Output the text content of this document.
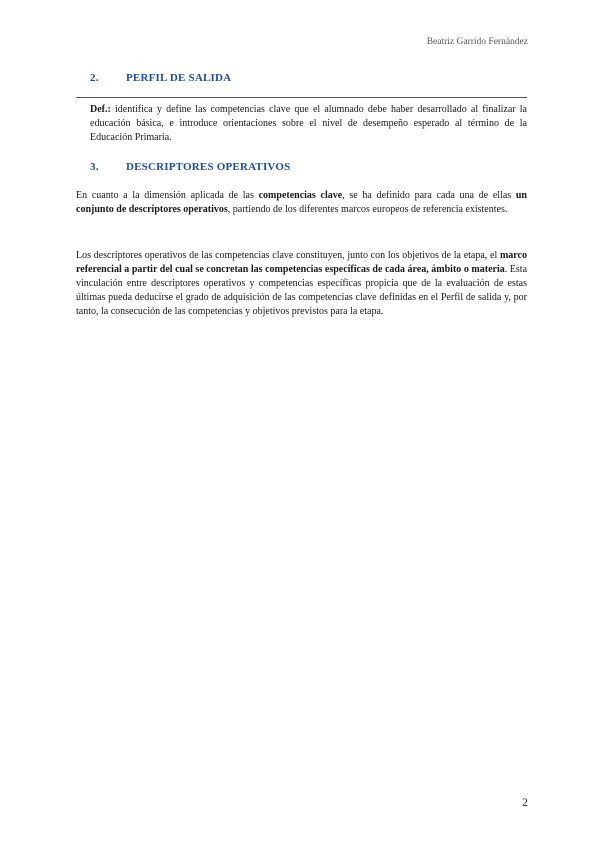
Beatriz Garrido Fernández
2.	PERFIL DE SALIDA

Def.: identifica y define las competencias clave que el alumnado debe haber desarrollado al finalizar la educación básica, e introduce orientaciones sobre el nivel de desempeño esperado al término de la Educación Primaria.

3.	DESCRIPTORES OPERATIVOS

En cuanto a la dimensión aplicada de las competencias clave, se ha definido para cada una de ellas un conjunto de descriptores operativos, partiendo de los diferentes marcos europeos de referencia existentes.

Los descriptores operativos de las competencias clave constituyen, junto con los objetivos de la etapa, el marco referencial a partir del cual se concretan las competencias específicas de cada área, ámbito o materia. Esta vinculación entre descriptores operativos y competencias específicas propicia que de la evaluación de estas últimas pueda deducirse el grado de adquisición de las competencias clave definidas en el Perfil de salida y, por tanto, la consecución de las competencias y objetivos previstos para la etapa.

2
